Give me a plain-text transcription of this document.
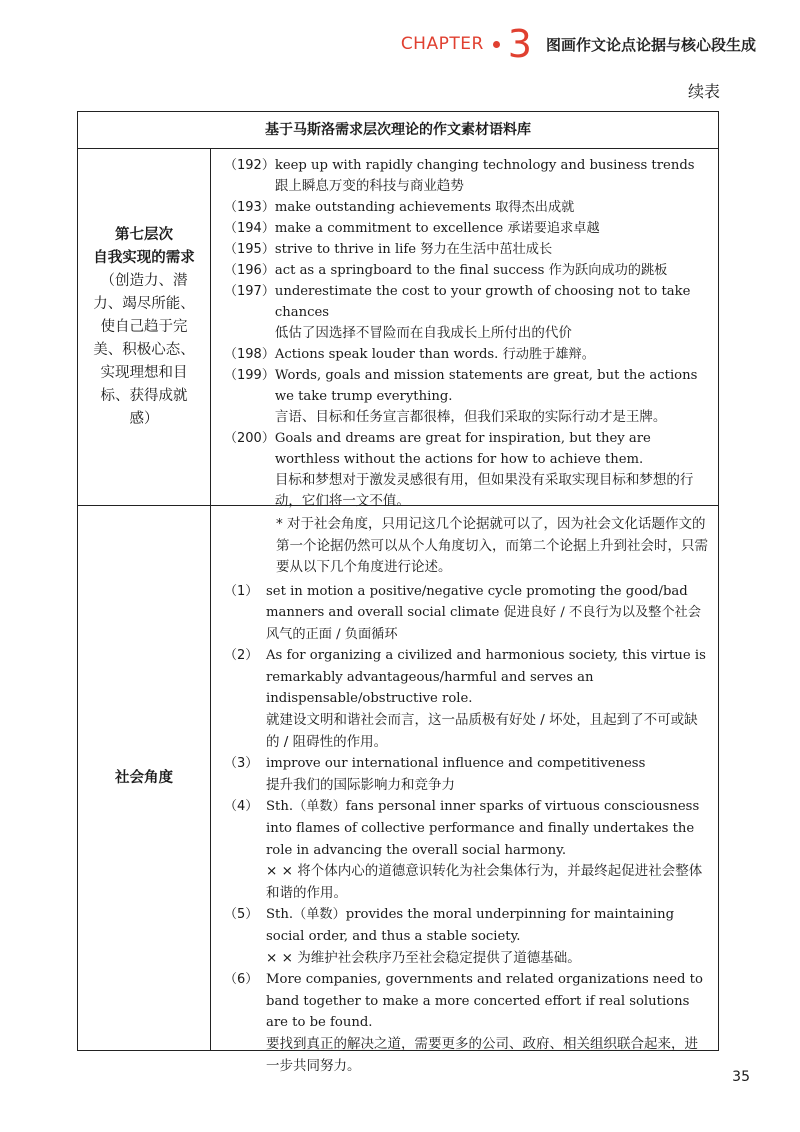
CHAPTER 3 图画作文论点论据与核心段生成
续表
基于马斯洛需求层次理论的作文素材语料库
第七层次
自我实现的需求
（创造力、潜力、竭尽所能、使自己趋于完美、积极心态、实现理想和目标、获得成就感）
（192） keep up with rapidly changing technology and business trends
跟上瞬息万变的科技与商业趋势
（193） make outstanding achievements 取得杰出成就
（194） make a commitment to excellence 承诺要追求卓越
（195） strive to thrive in life 努力在生活中茁壮成长
（196） act as a springboard to the final success 作为跃向成功的跳板
（197） underestimate the cost to your growth of choosing not to take chances
低估了因选择不冒险而在自我成长上所付出的代价
（198） Actions speak louder than words. 行动胜于雄辩。
（199） Words, goals and mission statements are great, but the actions we take trump everything.
言语、目标和任务宣言都很棒，但我们采取的实际行动才是王牌。
（200） Goals and dreams are great for inspiration, but they are worthless without the actions for how to achieve them.
目标和梦想对于激发灵感很有用，但如果没有采取实现目标和梦想的行动，它们将一文不值。
社会角度
* 对于社会角度，只用记这几个论据就可以了，因为社会文化话题作文的第一个论据仍然可以从个人角度切入，而第二个论据上升到社会时，只需要从以下几个角度进行论述。
（1） set in motion a positive/negative cycle promoting the good/bad manners and overall social climate 促进良好 / 不良行为以及整个社会风气的正面 / 负面循环
（2） As for organizing a civilized and harmonious society, this virtue is remarkably advantageous/harmful and serves an indispensable/obstructive role.
就建设文明和谐社会而言，这一品质极有好处 / 坏处，且起到了不可或缺的 / 阻碍性的作用。
（3） improve our international influence and competitiveness
提升我们的国际影响力和竞争力
（4） Sth.（单数）fans personal inner sparks of virtuous consciousness into flames of collective performance and finally undertakes the role in advancing the overall social harmony.
× × 将个体内心的道德意识转化为社会集体行为，并最终起促进社会整体和谐的作用。
（5） Sth.（单数）provides the moral underpinning for maintaining social order, and thus a stable society.
× × 为维护社会秩序乃至社会稳定提供了道德基础。
（6） More companies, governments and related organizations need to band together to make a more concerted effort if real solutions are to be found.
要找到真正的解决之道，需要更多的公司、政府、相关组织联合起来，进一步共同努力。
35
